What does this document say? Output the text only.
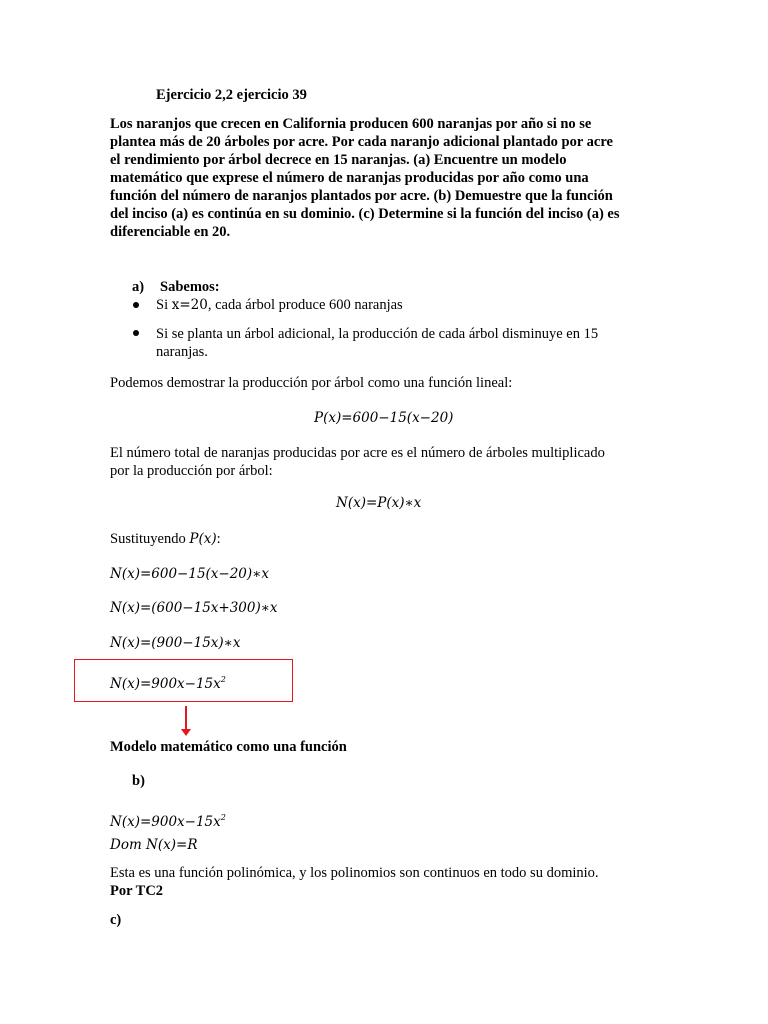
Ejercicio 2,2 ejercicio 39
Los naranjos que crecen en California producen 600 naranjas por año si no se
plantea más de 20 árboles por acre. Por cada naranjo adicional plantado por acre
el rendimiento por árbol decrece en 15 naranjas. (a) Encuentre un modelo
matemático que exprese el número de naranjas producidas por año como una
función del número de naranjos plantados por acre. (b) Demuestre que la función
del inciso (a) es continúa en su dominio. (c) Determine si la función del inciso (a) es
diferenciable en 20.
a) Sabemos:
Si x=20, cada árbol produce 600 naranjas
Si se planta un árbol adicional, la producción de cada árbol disminuye en 15
naranjas.
Podemos demostrar la producción por árbol como una función lineal:
P(x)=600−15(x−20)
El número total de naranjas producidas por acre es el número de árboles multiplicado
por la producción por árbol:
N(x)=P(x)∗x
Sustituyendo P(x):
N(x)=600−15(x−20)∗x
N(x)=(600−15x+300)∗x
N(x)=(900−15x)∗x
$N(x)=900x-15x^2$
Modelo matemático como una función
b)
$N(x)=900x-15x^2$
Dom N(x)=R
Esta es una función polinómica, y los polinomios son continuos en todo su dominio.
Por TC2
c)
